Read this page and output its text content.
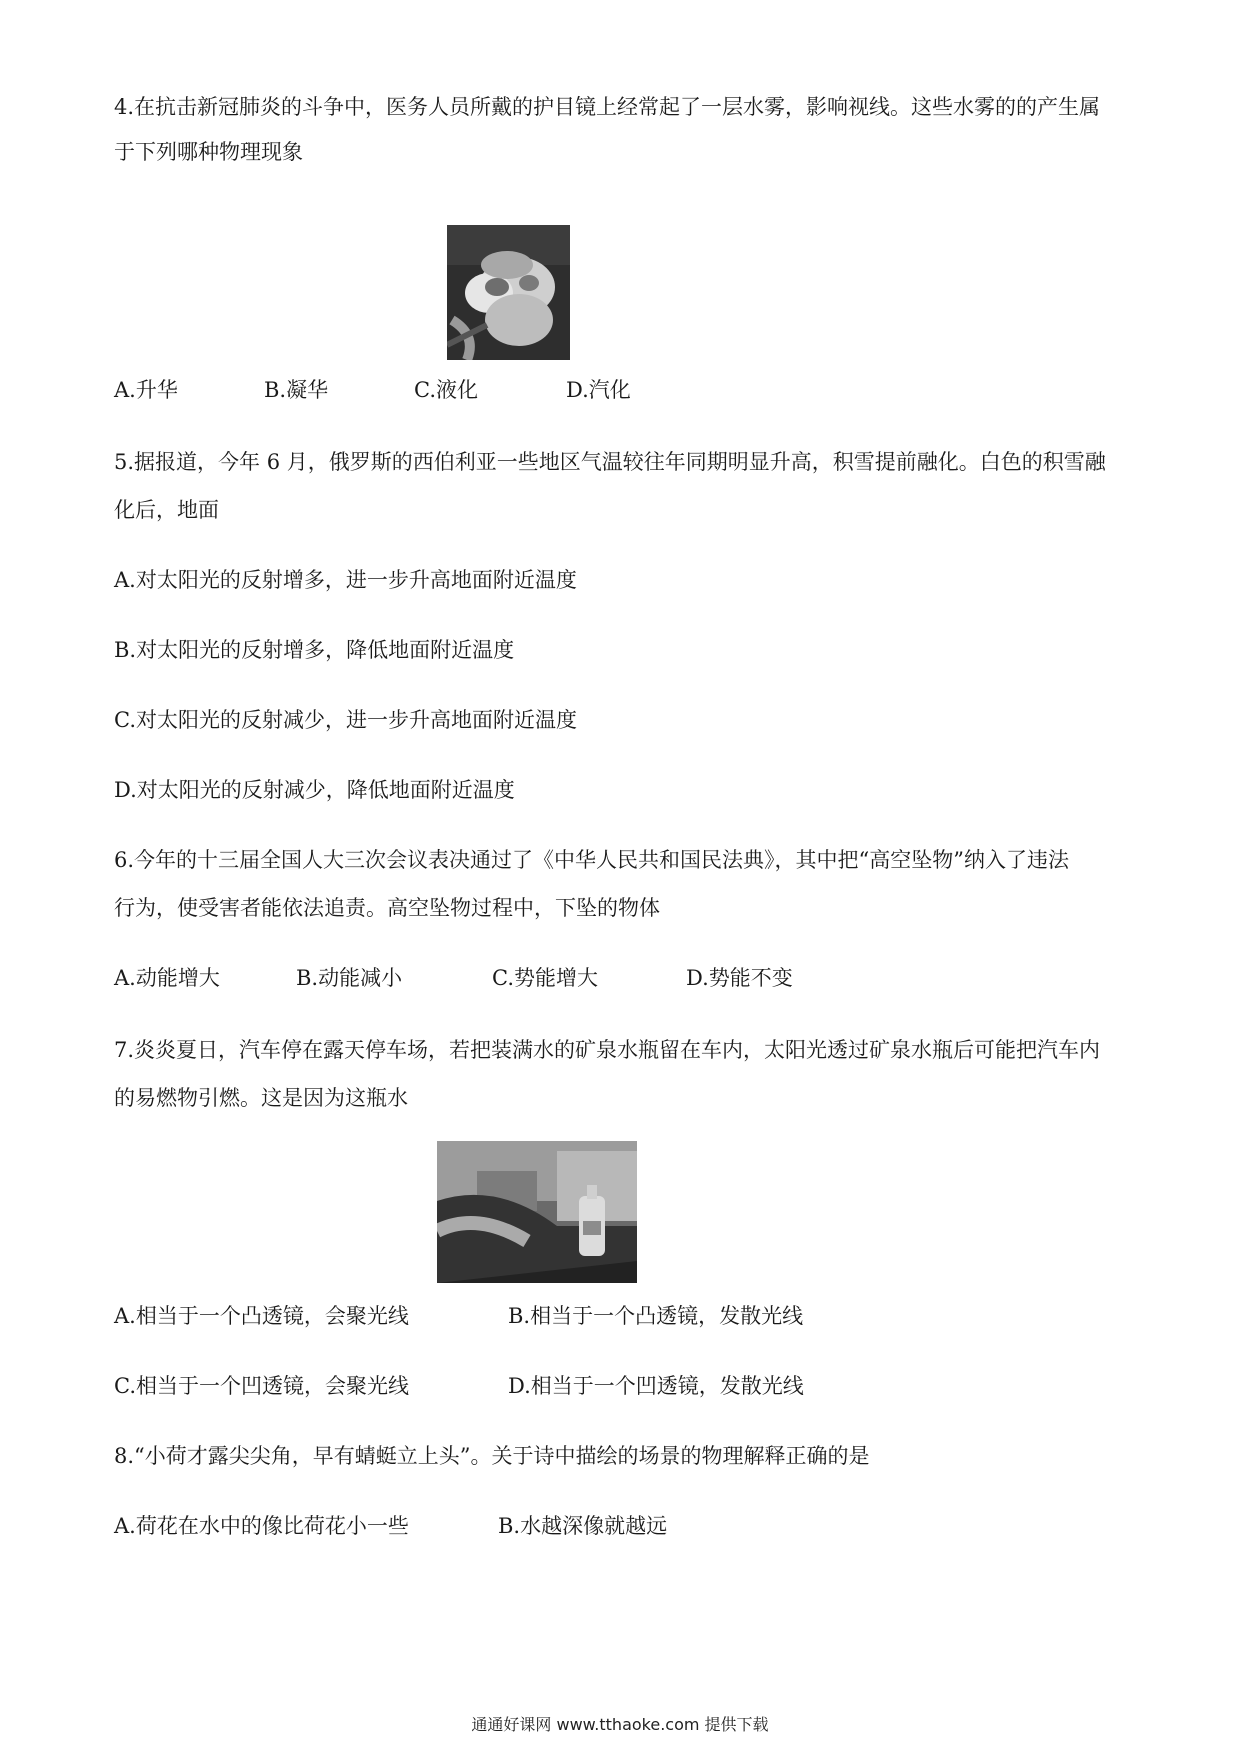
4.在抗击新冠肺炎的斗争中，医务人员所戴的护目镜上经常起了一层水雾，影响视线。这些水雾的的产生属
于下列哪种物理现象
A.升华	B.凝华	C.液化	D.汽化
5.据报道，今年 6 月，俄罗斯的西伯利亚一些地区气温较往年同期明显升高，积雪提前融化。白色的积雪融
化后，地面
A.对太阳光的反射增多，进一步升高地面附近温度
B.对太阳光的反射增多，降低地面附近温度
C.对太阳光的反射减少，进一步升高地面附近温度
D.对太阳光的反射减少，降低地面附近温度
6.今年的十三届全国人大三次会议表决通过了《中华人民共和国民法典》，其中把“高空坠物”纳入了违法
行为，使受害者能依法追责。高空坠物过程中，下坠的物体
A.动能增大	B.动能减小	C.势能增大	D.势能不变
7.炎炎夏日，汽车停在露天停车场，若把装满水的矿泉水瓶留在车内，太阳光透过矿泉水瓶后可能把汽车内
的易燃物引燃。这是因为这瓶水
A.相当于一个凸透镜，会聚光线	B.相当于一个凸透镜，发散光线
C.相当于一个凹透镜，会聚光线	D.相当于一个凹透镜，发散光线
8.“小荷才露尖尖角，早有蜻蜓立上头”。关于诗中描绘的场景的物理解释正确的是
A.荷花在水中的像比荷花小一些	B.水越深像就越远
通通好课网 www.tthaoke.com 提供下载
